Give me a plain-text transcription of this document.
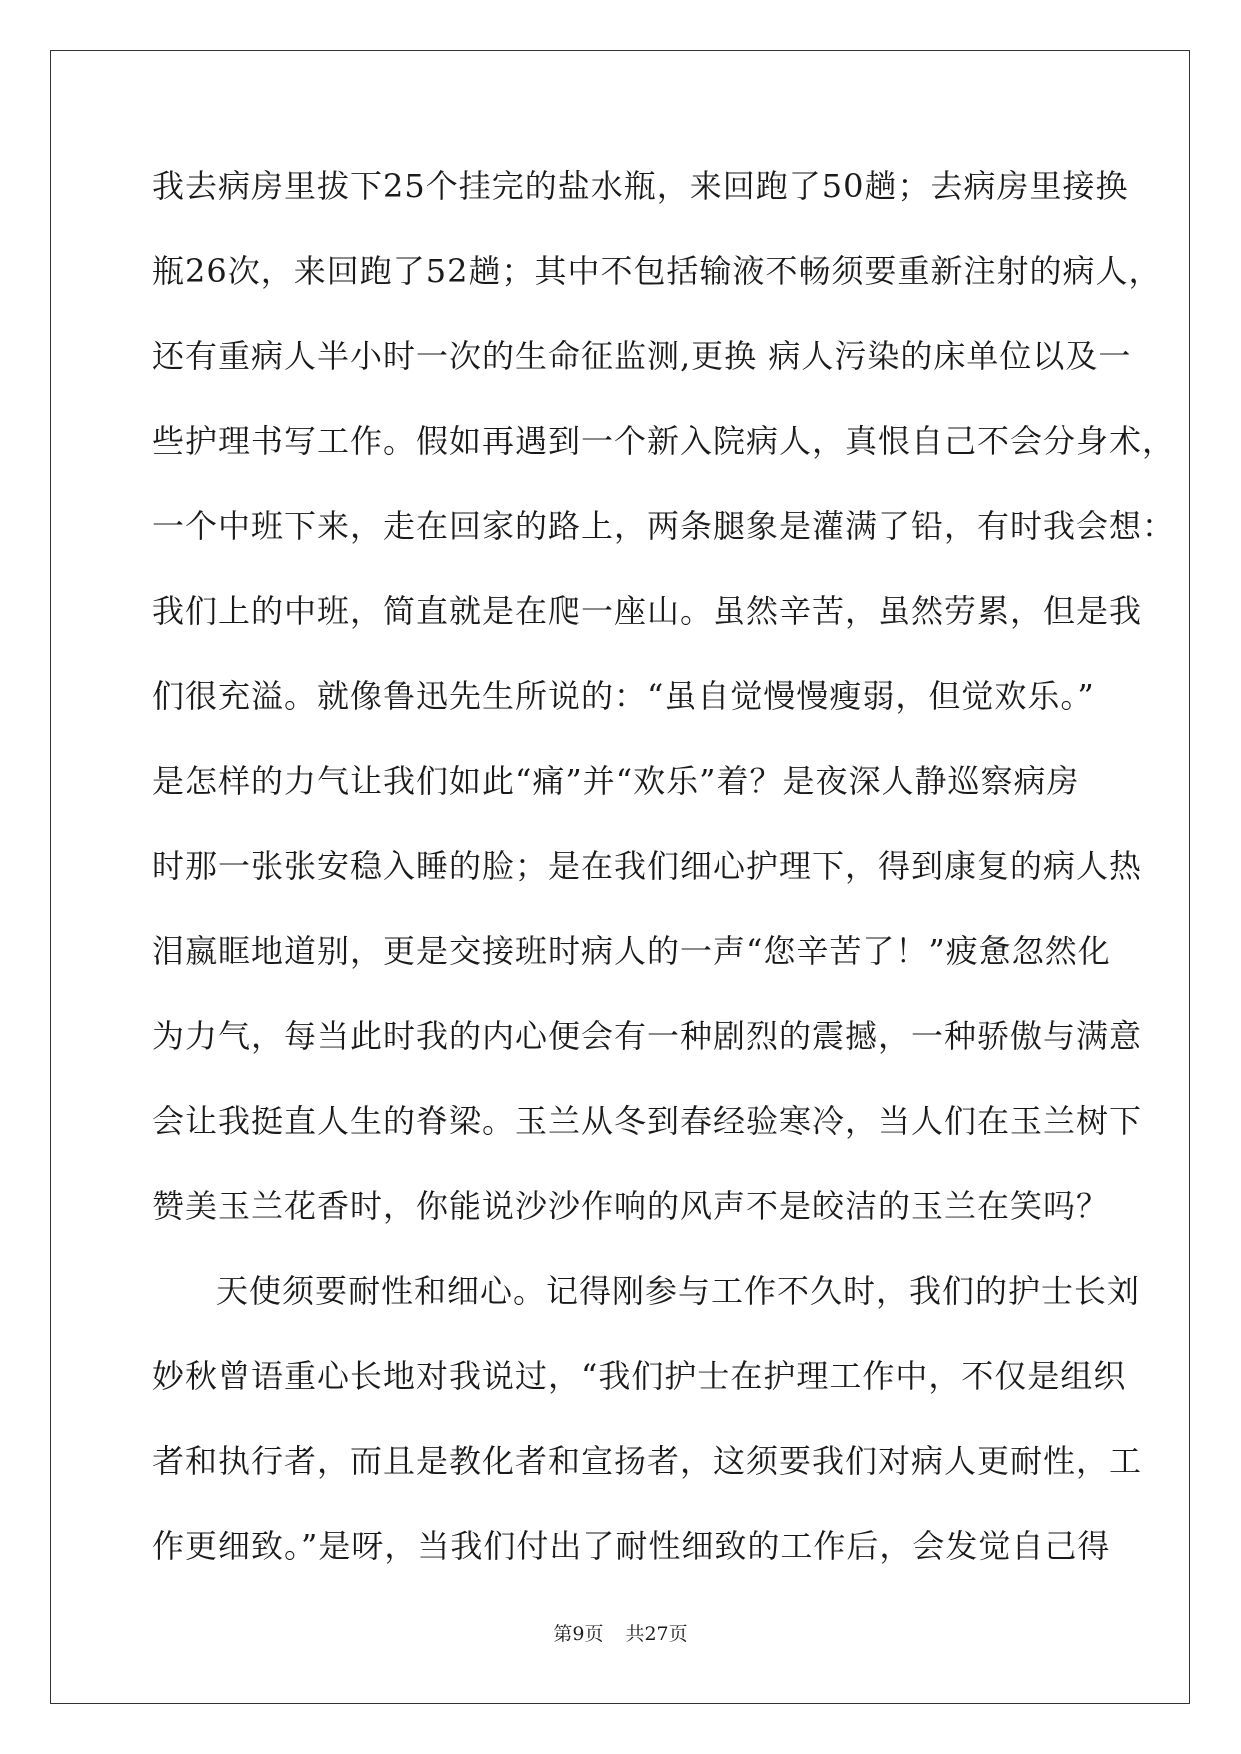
我去病房里拔下25个挂完的盐水瓶，来回跑了50趟；去病房里接换
瓶26次，来回跑了52趟；其中不包括输液不畅须要重新注射的病人，
还有重病人半小时一次的生命征监测,更换 病人污染的床单位以及一
些护理书写工作。假如再遇到一个新入院病人，真恨自己不会分身术，
一个中班下来，走在回家的路上，两条腿象是灌满了铅，有时我会想：
我们上的中班，简直就是在爬一座山。虽然辛苦，虽然劳累，但是我
们很充溢。就像鲁迅先生所说的：“虽自觉慢慢瘦弱，但觉欢乐。”
是怎样的力气让我们如此“痛”并“欢乐”着？是夜深人静巡察病房
时那一张张安稳入睡的脸；是在我们细心护理下，得到康复的病人热
泪嬴眶地道别，更是交接班时病人的一声“您辛苦了！”疲惫忽然化
为力气，每当此时我的内心便会有一种剧烈的震撼，一种骄傲与满意
会让我挺直人生的脊梁。玉兰从冬到春经验寒冷，当人们在玉兰树下
赞美玉兰花香时，你能说沙沙作响的风声不是皎洁的玉兰在笑吗？
天使须要耐性和细心。记得刚参与工作不久时，我们的护士长刘
妙秋曾语重心长地对我说过，“我们护士在护理工作中，不仅是组织
者和执行者，而且是教化者和宣扬者，这须要我们对病人更耐性，工
作更细致。”是呀，当我们付出了耐性细致的工作后，会发觉自己得
第9页 共27页
